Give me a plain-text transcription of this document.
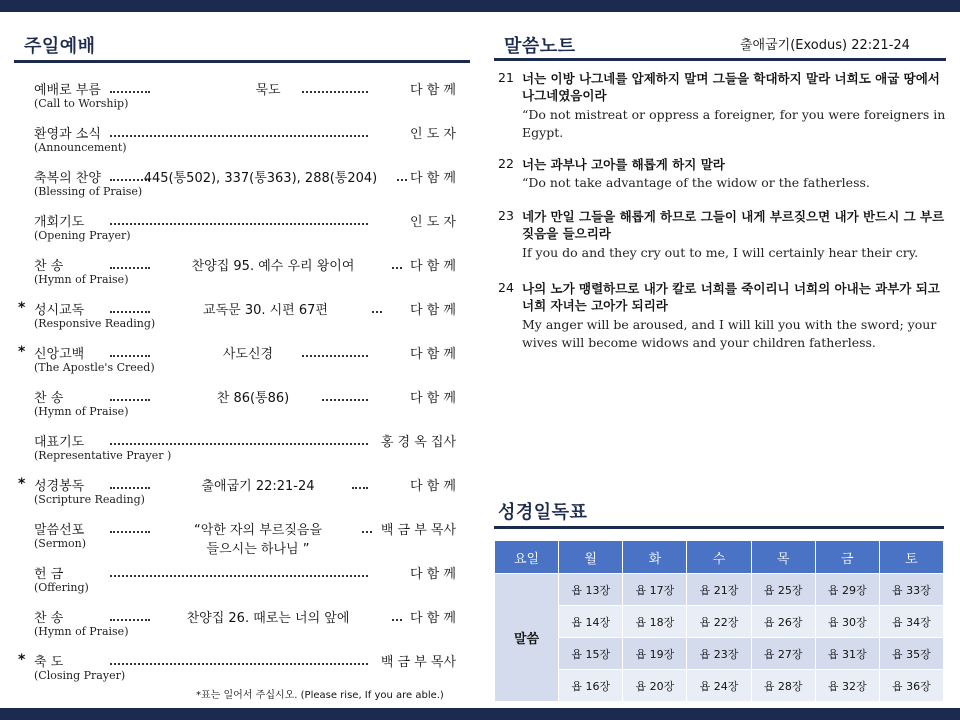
주일예배
예배로 부름
(Call to Worship)
묵도	다 함 께
환영과 소식
(Announcement)
인 도 자
축복의 찬양
(Blessing of Praise)
445(통502), 337(통363), 288(통204)	다 함 께
개회기도
(Opening Prayer)
인 도 자
찬 송
(Hymn of Praise)
찬양집 95. 예수 우리 왕이여	다 함 께
* 성시교독
(Responsive Reading)
교독문 30. 시편 67편	다 함 께
* 신앙고백
(The Apostle's Creed)
사도신경	다 함 께
찬 송
(Hymn of Praise)
찬 86(통86)	다 함 께
대표기도
(Representative Prayer )
홍 경 옥 집사
* 성경봉독
(Scripture Reading)
출애굽기 22:21-24	다 함 께
말씀선포
(Sermon)
“악한 자의 부르짖음을
들으시는 하나님 ”
백 금 부 목사
헌 금
(Offering)
다 함 께
찬 송
(Hymn of Praise)
찬양집 26. 때로는 너의 앞에	다 함 께
* 축 도
(Closing Prayer)
백 금 부 목사
*표는 일어서 주십시오. (Please rise, If you are able.)
말씀노트	출애굽기(Exodus) 22:21-24
21 너는 이방 나그네를 압제하지 말며 그들을 학대하지 말라 너희도 애굽 땅에서 나그네였음이라
“Do not mistreat or oppress a foreigner, for you were foreigners in Egypt.
22 너는 과부나 고아를 해롭게 하지 말라
“Do not take advantage of the widow or the fatherless.
23 네가 만일 그들을 해롭게 하므로 그들이 내게 부르짖으면 내가 반드시 그 부르짖음을 들으리라
If you do and they cry out to me, I will certainly hear their cry.
24 나의 노가 맹렬하므로 내가 칼로 너희를 죽이리니 너희의 아내는 과부가 되고 너희 자녀는 고아가 되리라
My anger will be aroused, and I will kill you with the sword; your wives will become widows and your children fatherless.
성경일독표
요일	월	화	수	목	금	토
말씀	욥 13장	욥 17장	욥 21장	욥 25장	욥 29장	욥 33장
	욥 14장	욥 18장	욥 22장	욥 26장	욥 30장	욥 34장
	욥 15장	욥 19장	욥 23장	욥 27장	욥 31장	욥 35장
	욥 16장	욥 20장	욥 24장	욥 28장	욥 32장	욥 36장
